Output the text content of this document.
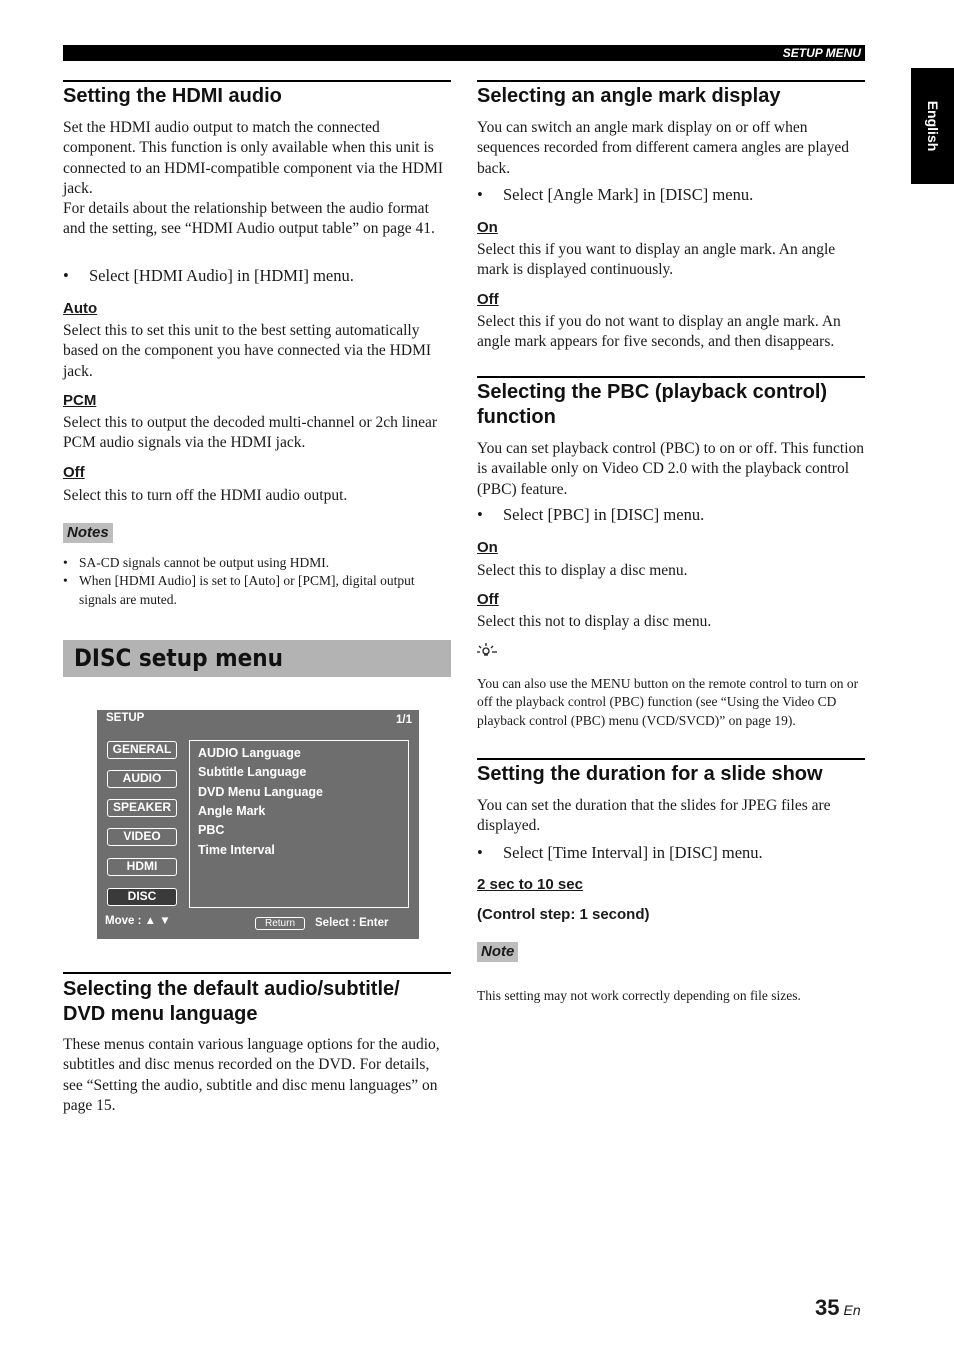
SETUP MENU
English
Setting the HDMI audio

Set the HDMI audio output to match the connected component. This function is only available when this unit is connected to an HDMI-compatible component via the HDMI jack.

For details about the relationship between the audio format and the setting, see “HDMI Audio output table” on page 41.

• Select [HDMI Audio] in [HDMI] menu.
Auto

Select this to set this unit to the best setting automatically based on the component you have connected via the HDMI jack.

PCM

Select this to output the decoded multi-channel or 2ch linear PCM audio signals via the HDMI jack.

Off

Select this to turn off the HDMI audio output.

Notes
• SA-CD signals cannot be output using HDMI.
• When [HDMI Audio] is set to [Auto] or [PCM], digital output signals are muted.
DISC setup menu
SETUP	1/1
GENERAL
AUDIO
SPEAKER
VIDEO
HDMI
DISC
AUDIO Language
Subtitle Language
DVD Menu Language
Angle Mark
PBC
Time Interval
Move : ▲ ▼	Return	Select : Enter
Selecting the default audio/subtitle/
DVD menu language

These menus contain various language options for the audio, subtitles and disc menus recorded on the DVD. For details, see “Setting the audio, subtitle and disc menu languages” on page 15.

Selecting an angle mark display

You can switch an angle mark display on or off when sequences recorded from different camera angles are played back.

• Select [Angle Mark] in [DISC] menu.
On

Select this if you want to display an angle mark. An angle mark is displayed continuously.

Off

Select this if you do not want to display an angle mark. An angle mark appears for five seconds, and then disappears.

Selecting the PBC (playback control)
function

You can set playback control (PBC) to on or off. This function is available only on Video CD 2.0 with the playback control (PBC) feature.

• Select [PBC] in [DISC] menu.
On

Select this to display a disc menu.

Off

Select this not to display a disc menu.

You can also use the MENU button on the remote control to turn on or off the playback control (PBC) function (see “Using the Video CD playback control (PBC) menu (VCD/SVCD)” on page 19).

Setting the duration for a slide show

You can set the duration that the slides for JPEG files are displayed.

• Select [Time Interval] in [DISC] menu.
2 sec to 10 sec
(Control step: 1 second)
Note

This setting may not work correctly depending on file sizes.

35 En
